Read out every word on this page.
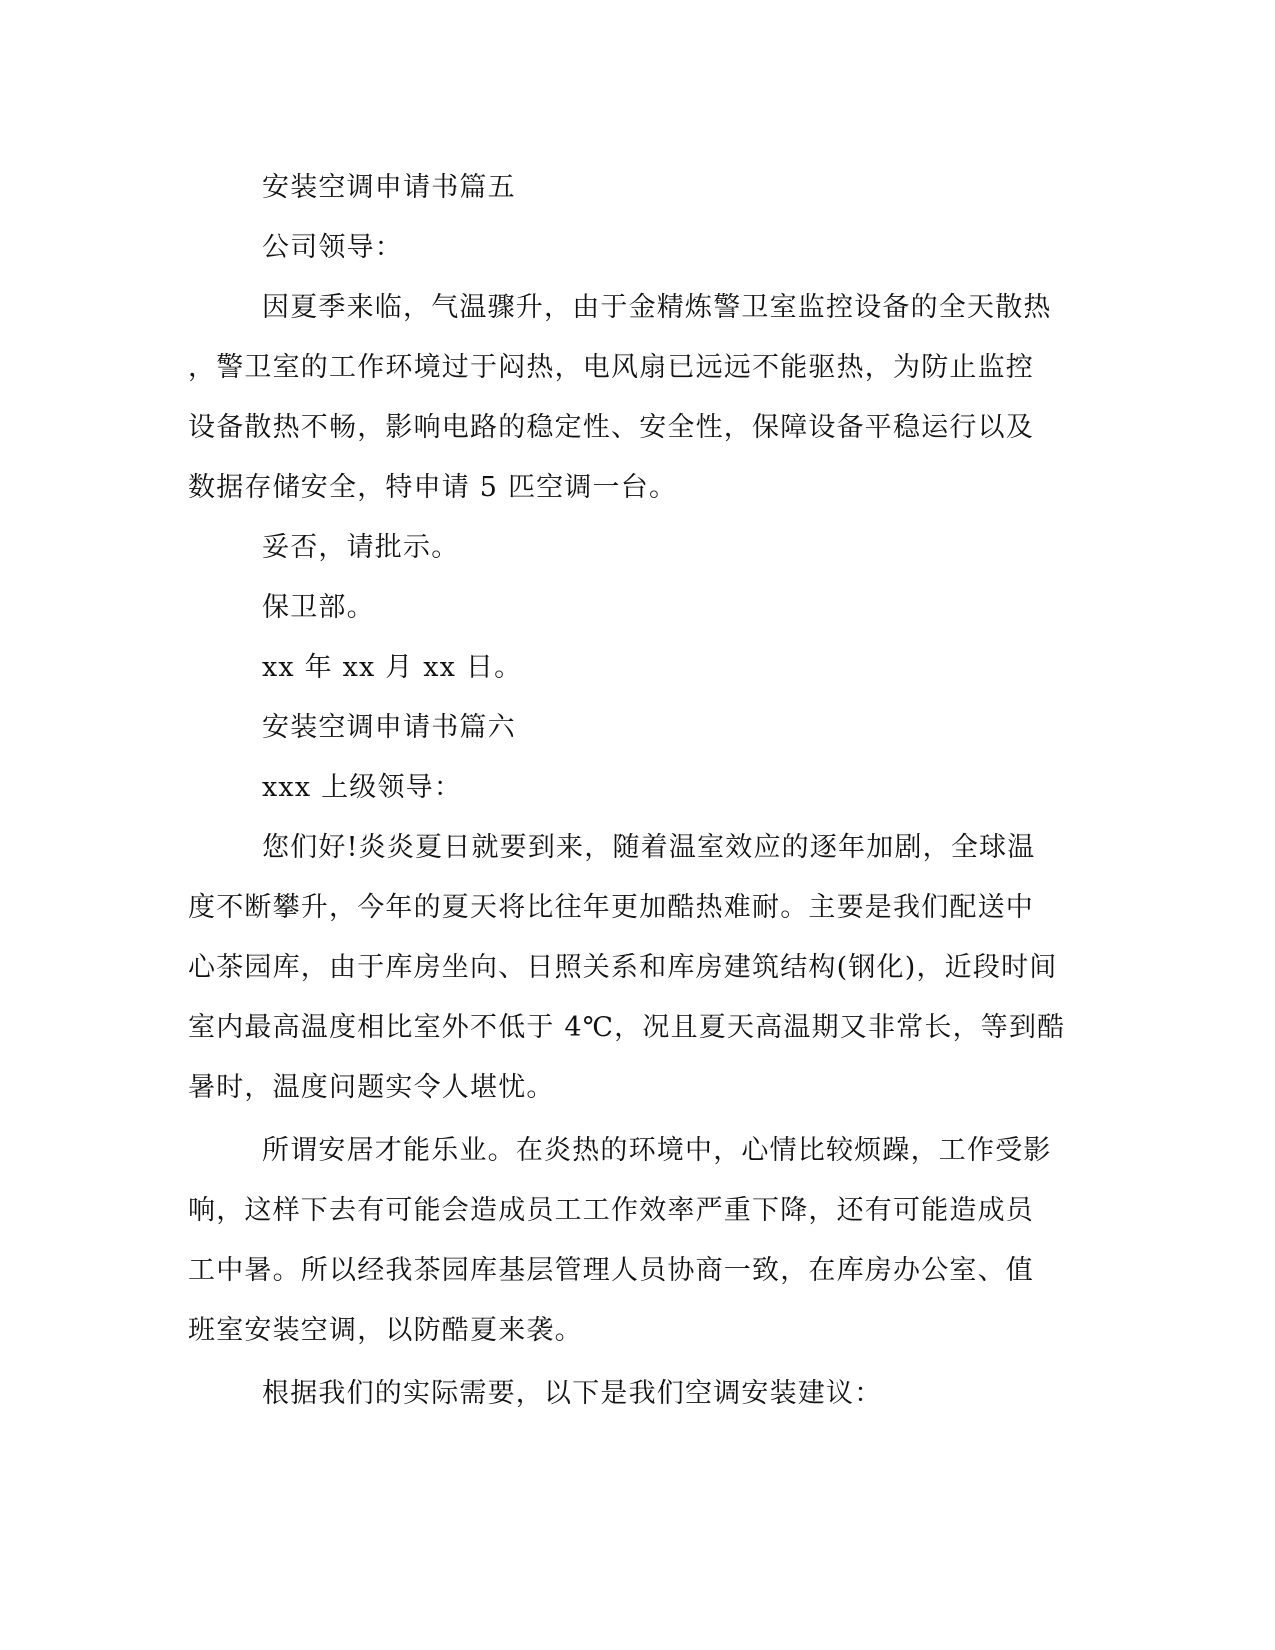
安装空调申请书篇五
公司领导：
因夏季来临，气温骤升，由于金精炼警卫室监控设备的全天散热
，警卫室的工作环境过于闷热，电风扇已远远不能驱热，为防止监控
设备散热不畅，影响电路的稳定性、安全性，保障设备平稳运行以及
数据存储安全，特申请 5 匹空调一台。
妥否，请批示。
保卫部。
xx 年 xx 月 xx 日。
安装空调申请书篇六
xxx 上级领导：
您们好!炎炎夏日就要到来，随着温室效应的逐年加剧，全球温
度不断攀升，今年的夏天将比往年更加酷热难耐。主要是我们配送中
心茶园库，由于库房坐向、日照关系和库房建筑结构(钢化)，近段时间
室内最高温度相比室外不低于 4℃，况且夏天高温期又非常长，等到酷
暑时，温度问题实令人堪忧。
所谓安居才能乐业。在炎热的环境中，心情比较烦躁，工作受影
响，这样下去有可能会造成员工工作效率严重下降，还有可能造成员
工中暑。所以经我茶园库基层管理人员协商一致，在库房办公室、值
班室安装空调，以防酷夏来袭。
根据我们的实际需要，以下是我们空调安装建议：
